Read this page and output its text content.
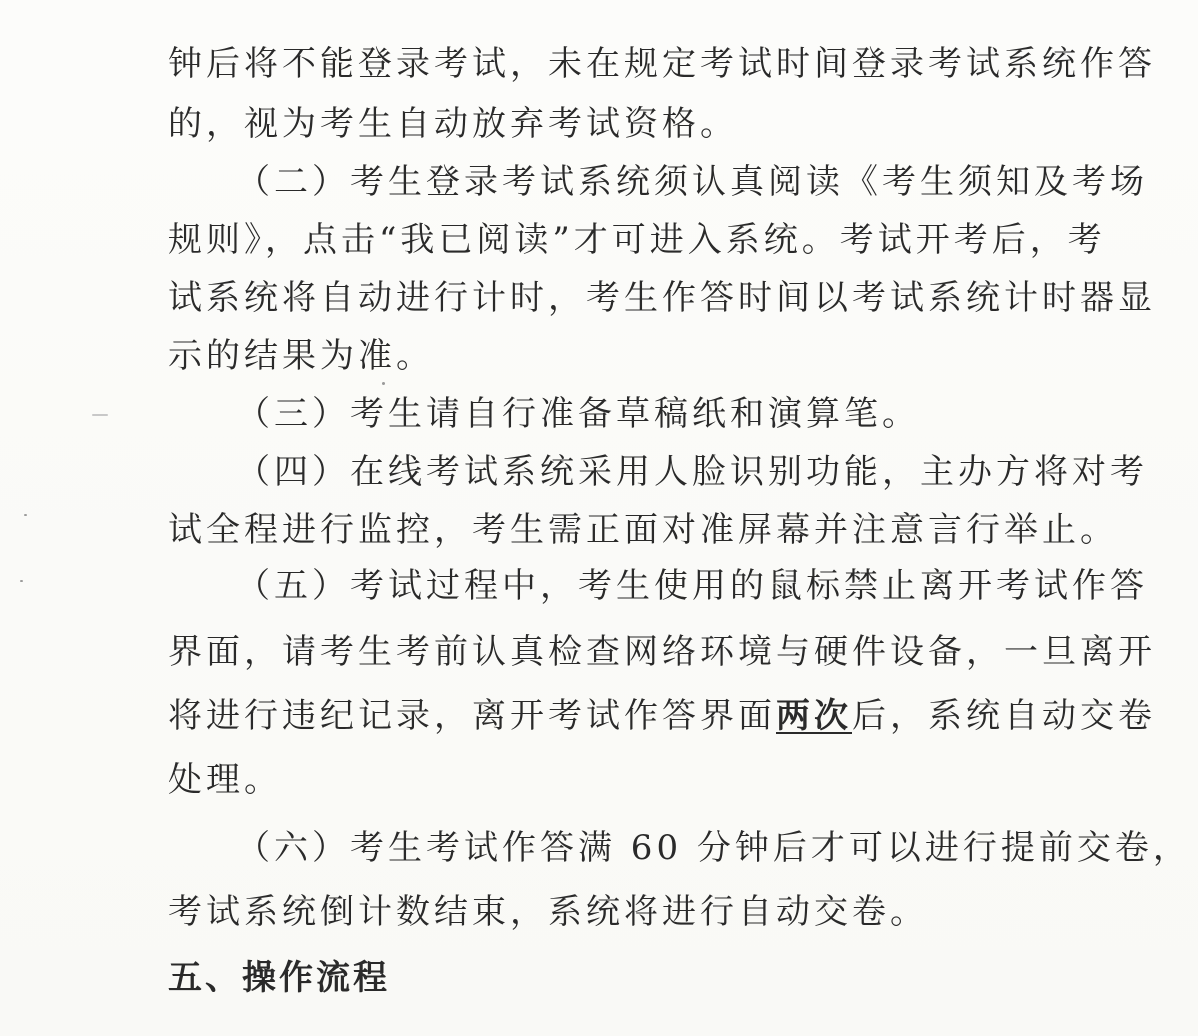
钟后将不能登录考试，未在规定考试时间登录考试系统作答
的，视为考生自动放弃考试资格。
（二）考生登录考试系统须认真阅读《考生须知及考场
规则》，点击“我已阅读”才可进入系统。考试开考后，考
试系统将自动进行计时，考生作答时间以考试系统计时器显
示的结果为准。
（三）考生请自行准备草稿纸和演算笔。
（四）在线考试系统采用人脸识别功能，主办方将对考
试全程进行监控，考生需正面对准屏幕并注意言行举止。
（五）考试过程中，考生使用的鼠标禁止离开考试作答
界面，请考生考前认真检查网络环境与硬件设备，一旦离开
将进行违纪记录，离开考试作答界面两次后，系统自动交卷
处理。
（六）考生考试作答满 60 分钟后才可以进行提前交卷，
考试系统倒计数结束，系统将进行自动交卷。
五、操作流程
